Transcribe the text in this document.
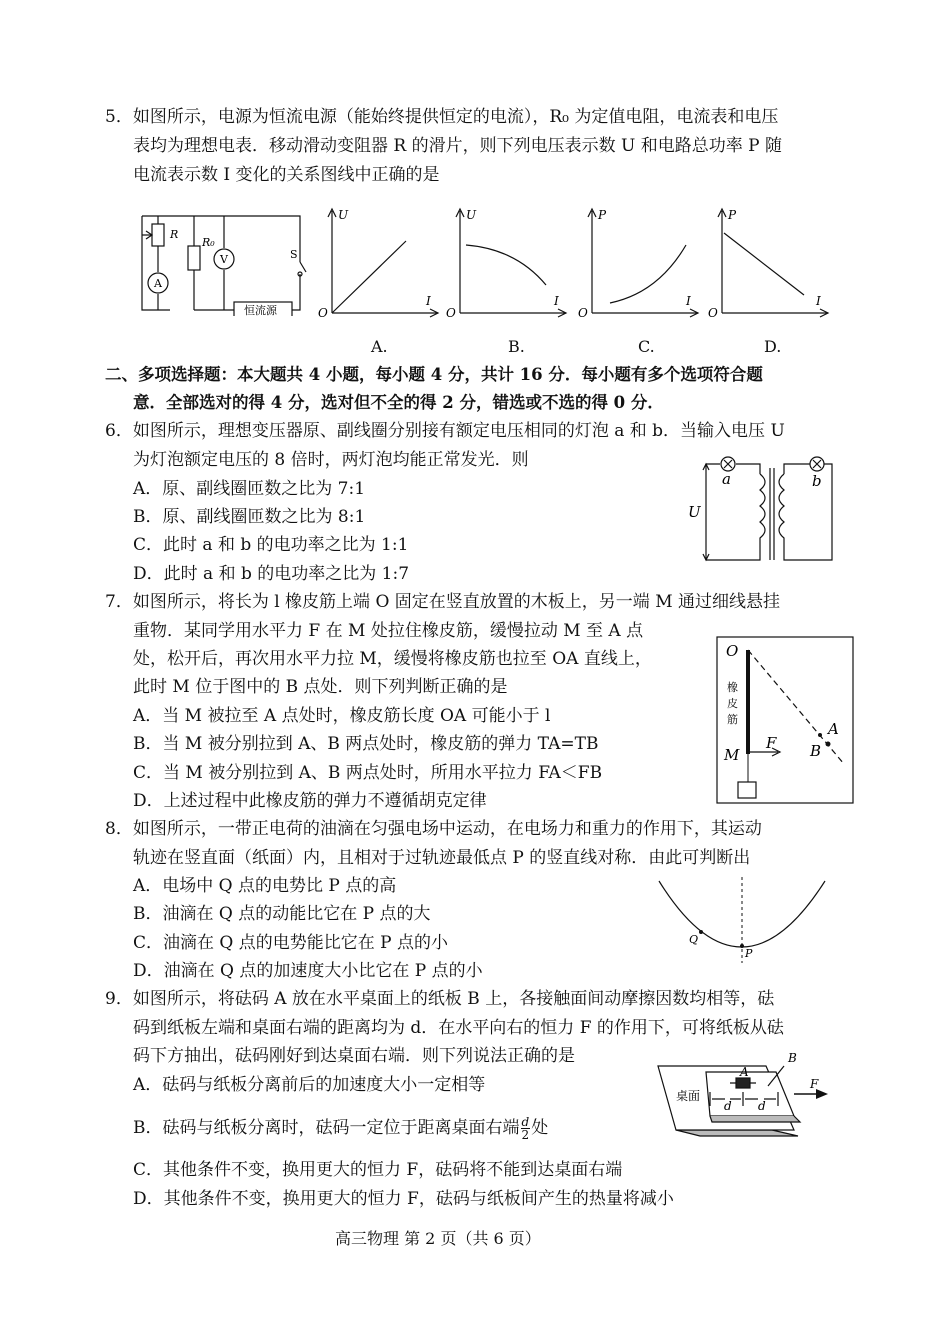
5．如图所示，电源为恒流电源（能始终提供恒定的电流），R₀ 为定值电阻，电流表和电压
表均为理想电表．移动滑动变阻器 R 的滑片，则下列电压表示数 U 和电路总功率 P 随
电流表示数 I 变化的关系图线中正确的是
R
R₀
A
V	S
恒流源
U
I
O
U
I
O
P
I
O
P
I
O
A.	B.	C.	D.
二、多项选择题：本大题共 4 小题，每小题 4 分，共计 16 分．每小题有多个选项符合题
意．全部选对的得 4 分，选对但不全的得 2 分，错选或不选的得 0 分．
6．如图所示，理想变压器原、副线圈分别接有额定电压相同的灯泡 a 和 b．当输入电压 U
为灯泡额定电压的 8 倍时，两灯泡均能正常发光．则
A．原、副线圈匝数之比为 7:1
B．原、副线圈匝数之比为 8:1
C．此时 a 和 b 的电功率之比为 1:1
D．此时 a 和 b 的电功率之比为 1:7
a	b
U
7．如图所示，将长为 l 橡皮筋上端 O 固定在竖直放置的木板上，另一端 M 通过细线悬挂
重物．某同学用水平力 F 在 M 处拉住橡皮筋，缓慢拉动 M 至 A 点
处，松开后，再次用水平力拉 M，缓慢将橡皮筋也拉至 OA 直线上，
此时 M 位于图中的 B 点处．则下列判断正确的是
A．当 M 被拉至 A 点处时，橡皮筋长度 OA 可能小于 l
B．当 M 被分别拉到 A、B 两点处时，橡皮筋的弹力 TA=TB
C．当 M 被分别拉到 A、B 两点处时，所用水平拉力 FA＜FB
D．上述过程中此橡皮筋的弹力不遵循胡克定律
O
橡
皮
筋
M
F
A
B
8．如图所示，一带正电荷的油滴在匀强电场中运动，在电场力和重力的作用下，其运动
轨迹在竖直面（纸面）内，且相对于过轨迹最低点 P 的竖直线对称．由此可判断出
A．电场中 Q 点的电势比 P 点的高
B．油滴在 Q 点的动能比它在 P 点的大
C．油滴在 Q 点的电势能比它在 P 点的小
D．油滴在 Q 点的加速度大小比它在 P 点的小
Q
P
9．如图所示，将砝码 A 放在水平桌面上的纸板 B 上，各接触面间动摩擦因数均相等，砝
码到纸板左端和桌面右端的距离均为 d．在水平向右的恒力 F 的作用下，可将纸板从砝
码下方抽出，砝码刚好到达桌面右端．则下列说法正确的是
A．砝码与纸板分离前后的加速度大小一定相等
B．砝码与纸板分离时，砝码一定位于距离桌面右端 $\frac{d}{2}$ 处
C．其他条件不变，换用更大的恒力 F，砝码将不能到达桌面右端
D．其他条件不变，换用更大的恒力 F，砝码与纸板间产生的热量将减小
桌面
A
B
d d
F
高三物理 第 2 页（共 6 页）
